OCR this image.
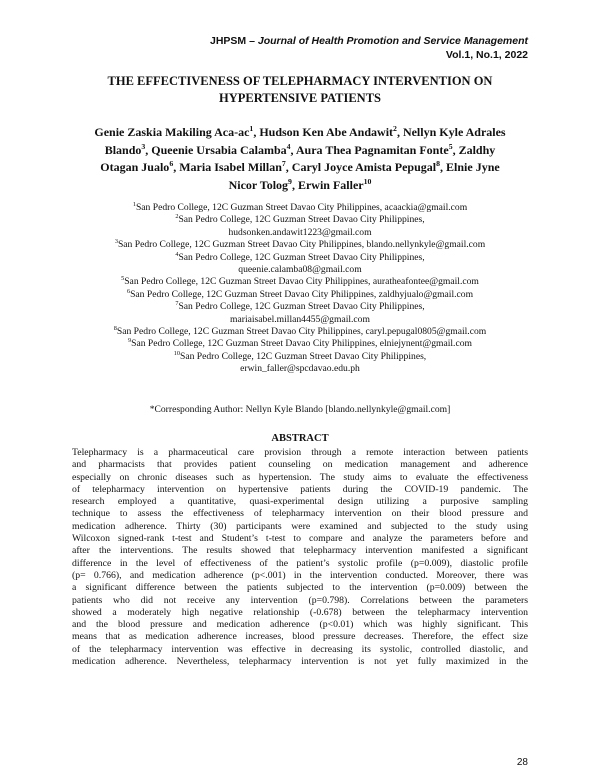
JHPSM – Journal of Health Promotion and Service Management
Vol.1, No.1, 2022
THE EFFECTIVENESS OF TELEPHARMACY INTERVENTION ON
HYPERTENSIVE PATIENTS
Genie Zaskia Makiling Aca-$ac^1$, Hudson Ken Abe Andawit$^2$, Nellyn Kyle Adrales Blando$^3$, Queenie Ursabia Calamba$^4$, Aura Thea Pagnamitan Fonte$^5$, Zaldhy Otagan Jualo$^6$, Maria Isabel Millan$^7$, Caryl Joyce Amista Pepugal$^8$, Elnie Jyne Nicor Tolog$^9$, Erwin Faller$^{10}$
$^1$San Pedro College, 12C Guzman Street Davao City Philippines, acaackia@gmail.com
$^2$San Pedro College, 12C Guzman Street Davao City Philippines,
hudsonken.andawit1223@gmail.com
$^3$San Pedro College, 12C Guzman Street Davao City Philippines, blando.nellynkyle@gmail.com
$^4$San Pedro College, 12C Guzman Street Davao City Philippines,
queenie.calamba08@gmail.com
$^5$San Pedro College, 12C Guzman Street Davao City Philippines, auratheafontee@gmail.com
$^6$San Pedro College, 12C Guzman Street Davao City Philippines, zaldhyjualo@gmail.com
$^7$San Pedro College, 12C Guzman Street Davao City Philippines,
mariaisabel.millan4455@gmail.com
$^8$San Pedro College, 12C Guzman Street Davao City Philippines, caryl.pepugal0805@gmail.com
$^9$San Pedro College, 12C Guzman Street Davao City Philippines, elniejynent@gmail.com
$^{10}$San Pedro College, 12C Guzman Street Davao City Philippines,
erwin_faller@spcdavao.edu.ph
*Corresponding Author: Nellyn Kyle Blando [blando.nellynkyle@gmail.com]
ABSTRACT
Telepharmacy is a pharmaceutical care provision through a remote interaction between patients
and pharmacists that provides patient counseling on medication management and adherence
especially on chronic diseases such as hypertension. The study aims to evaluate the effectiveness
of telepharmacy intervention on hypertensive patients during the COVID-19 pandemic. The
research employed a quantitative, quasi-experimental design utilizing a purposive sampling
technique to assess the effectiveness of telepharmacy intervention on their blood pressure and
medication adherence. Thirty (30) participants were examined and subjected to the study using
Wilcoxon signed-rank t-test and Student’s t-test to compare and analyze the parameters before and
after the interventions. The results showed that telepharmacy intervention manifested a significant
difference in the level of effectiveness of the patient’s systolic profile (p=0.009), diastolic profile
(p= 0.766), and medication adherence (p<.001) in the intervention conducted. Moreover, there was
a significant difference between the patients subjected to the intervention (p=0.009) between the
patients who did not receive any intervention (p=0.798). Correlations between the parameters
showed a moderately high negative relationship (-0.678) between the telepharmacy intervention
and the blood pressure and medication adherence (p<0.01) which was highly significant. This
means that as medication adherence increases, blood pressure decreases. Therefore, the effect size
of the telepharmacy intervention was effective in decreasing its systolic, controlled diastolic, and
medication adherence. Nevertheless, telepharmacy intervention is not yet fully maximized in the
28
